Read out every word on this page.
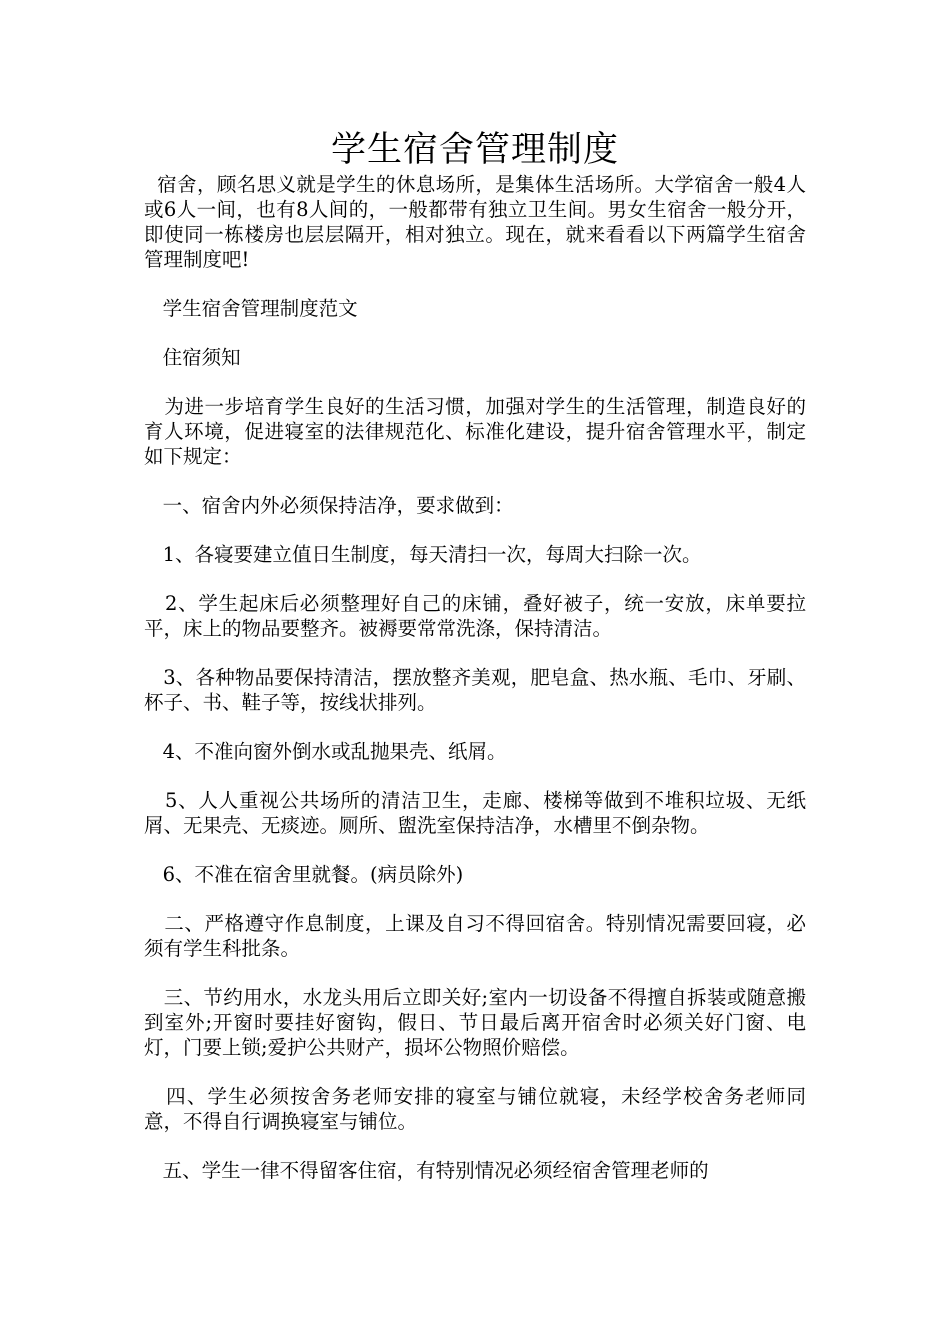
学生宿舍管理制度

宿舍，顾名思义就是学生的休息场所，是集体生活场所。大学宿舍一般4人或6人一间，也有8人间的，一般都带有独立卫生间。男女生宿舍一般分开，即使同一栋楼房也层层隔开，相对独立。现在，就来看看以下两篇学生宿舍管理制度吧!

学生宿舍管理制度范文

住宿须知

为进一步培育学生良好的生活习惯，加强对学生的生活管理，制造良好的育人环境，促进寝室的法律规范化、标准化建设，提升宿舍管理水平，制定如下规定：

一、宿舍内外必须保持洁净，要求做到：

1、各寝要建立值日生制度，每天清扫一次，每周大扫除一次。

2、学生起床后必须整理好自己的床铺，叠好被子，统一安放，床单要拉平，床上的物品要整齐。被褥要常常洗涤，保持清洁。

3、各种物品要保持清洁，摆放整齐美观，肥皂盒、热水瓶、毛巾、牙刷、杯子、书、鞋子等，按线状排列。

4、不准向窗外倒水或乱抛果壳、纸屑。

5、人人重视公共场所的清洁卫生，走廊、楼梯等做到不堆积垃圾、无纸屑、无果壳、无痰迹。厕所、盥洗室保持洁净，水槽里不倒杂物。

6、不准在宿舍里就餐。(病员除外)

二、严格遵守作息制度，上课及自习不得回宿舍。特别情况需要回寝，必须有学生科批条。

三、节约用水，水龙头用后立即关好;室内一切设备不得擅自拆装或随意搬到室外;开窗时要挂好窗钩，假日、节日最后离开宿舍时必须关好门窗、电灯，门要上锁;爱护公共财产，损坏公物照价赔偿。

四、学生必须按舍务老师安排的寝室与铺位就寝，未经学校舍务老师同意，不得自行调换寝室与铺位。

五、学生一律不得留客住宿，有特别情况必须经宿舍管理老师的
